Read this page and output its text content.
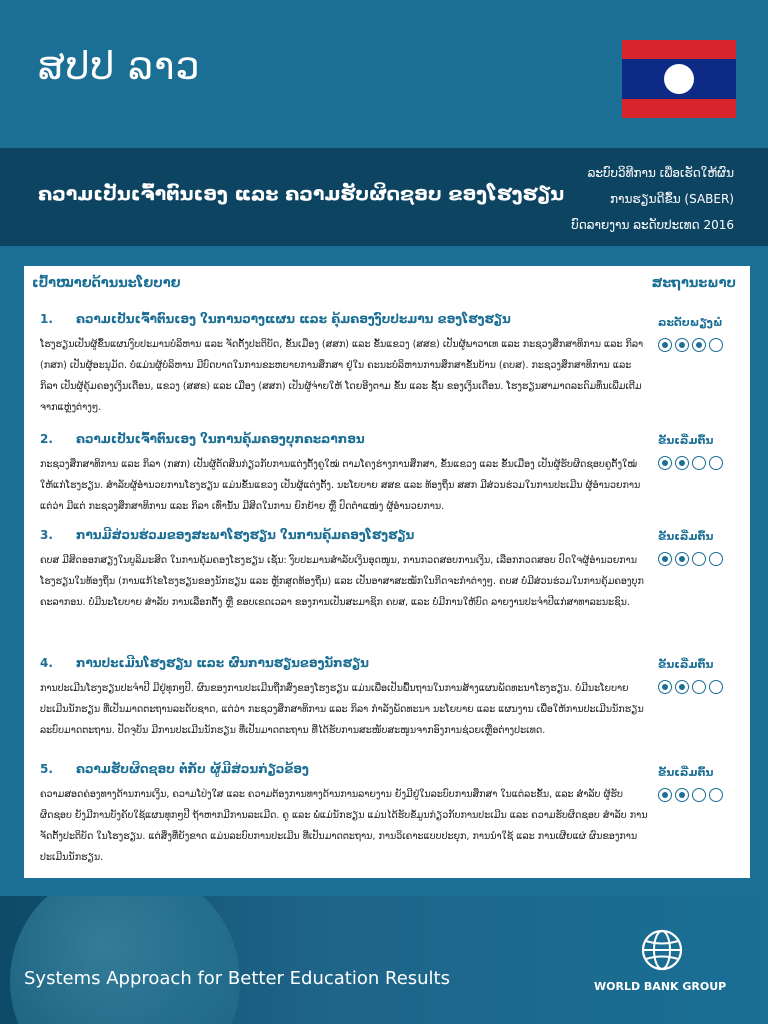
ສປປ ລາວ
ຄວາມເປັນເຈົ້າຕົນເອງ ແລະ ຄວາມຮັບຜິດຊອບ ຂອງໂຮງຮຽນ
ລະບົບວິທີການ ເພື່ອເຮັດໃຫ້ຜົນ
ການຮຽນດີຂຶ້ນ (SABER)
ບົດລາຍງານ ລະດັບປະເທດ 2016
ເປົ້າໝາຍດ້ານນະໂຍບາຍ	ສະຖານະພາບ
1. ຄວາມເປັນເຈົ້າຕົນເອງ ໃນການວາງແຜນ ແລະ ຄຸ້ມຄອງງົບປະມານ ຂອງໂຮງຮຽນ
ໂຮງຮຽນເປັນຜູ້ຂຶ້ນແຜນງົບປະມານບໍລິຫານ ແລະ ຈັດຕັ້ງປະຕິບັດ, ຂັ້ນເມືອງ (ສສກ) ແລະ ຂັ້ນແຂວງ (ສສຂ) ເປັນຜູ້ພາວາເທ ແລະ ກະຊວງສຶກສາທິການ ແລະ ກິລາ (ກສກ) ເປັນຜູ້ອະນຸມັດ. ບໍ່ແມ່ນຜູ້ບໍລິຫານ ມີບົດບາດໃນການຂະຫຍາຍການສຶກສາ ຢູ່ໃນ ຄະນະບໍລິຫານການສຶກສາຂັ້ນບ້ານ (ຄບສ). ກະຊວງສຶກສາທິການ ແລະ ກິລາ ເປັນຜູ້ຄຸ້ມຄອງເງິນເດືອນ, ແຂວງ (ສສຂ) ແລະ ເມືອງ (ສສກ) ເປັນຜູ້ຈ່າຍໃຫ້ ໂດຍອີງຕາມ ຂັ້ນ ແລະ ຊັ້ນ ຂອງເງິນເດືອນ. ໂຮງຮຽນສາມາດລະດົມທຶນເພີ່ມເຕີມ ຈາກແຫຼ່ງຕ່າງໆ.
ລະດັບພຽງພໍ
2. ຄວາມເປັນເຈົ້າຕົນເອງ ໃນການຄຸ້ມຄອງບຸກຄະລາກອນ
ກະຊວງສຶກສາທິການ ແລະ ກິລາ (ກສກ) ເປັນຜູ້ຕັດສິນກ່ຽວກັບການແຕ່ງຕັ້ງຄູໃໝ່ ຕາມໂຄງຮ່າງການສຶກສາ, ຂັ້ນແຂວງ ແລະ ຂັ້ນເມືອງ ເປັນຜູ້ຮັບຜິດຊອບຄູຕັ້ງໃໝ່ ໃຫ້ແກ່ໂຮງຮຽນ. ສຳລັບຜູ້ອຳນວຍການໂຮງຮຽນ ແມ່ນຂັ້ນແຂວງ ເປັນຜູ້ແຕ່ງຕັ້ງ. ນະໂຍບາຍ ສສຂ ແລະ ທ້ອງຖິ່ນ ສສກ ມີສ່ວນຮ່ວມໃນການປະເມີນ ຜູ້ອຳນວຍການ ແຕ່ວ່າ ມີແຕ່ ກະຊວງສຶກສາທິການ ແລະ ກິລາ ເທົ່ານັ້ນ ມີສິດໃນການ ຍົກຍ້າຍ ຫຼື ປົດຕຳແໜ່ງ ຜູ້ອຳນວຍການ.
ຂັ້ນເລີ່ມຕົ້ນ
3. ການມີສ່ວນຮ່ວມຂອງສະພາໂຮງຮຽນ ໃນການຄຸ້ມຄອງໂຮງຮຽນ
ຄບສ ມີສິດອອກສຽງໃນບູລິມະສິດ ໃນການຄຸ້ມຄອງໂຮງຮຽນ ເຊັ່ນ: ງົບປະມານສຳລັບເງິນອຸດໜູນ, ການກວດສອບການເງິນ, ເລືອກກວດສອບ ປົດໃຈຜູ້ອຳນວຍການໂຮງຮຽນໃນທ້ອງຖິ່ນ (ການແກ້ໄຂໂຮງຮຽນຂອງນັກຮຽນ ແລະ ຫຼັກສູດທ້ອງຖິ່ນ) ແລະ ເປັນອາສາສະໝັກໃນກິດຈະກຳຕ່າງໆ. ຄບສ ບໍ່ມີສ່ວນຮ່ວມໃນການຄຸ້ມຄອງບຸກຄະລາກອນ. ບໍ່ມີນະໂຍບາຍ ສຳລັບ ການເລືອກຕັ້ງ ຫຼື ຂອບເຂດເວລາ ຂອງການເປັນສະມາຊິກ ຄບສ, ແລະ ບໍ່ມີການໃຫ້ບົດ ລາຍງານປະຈຳປີແກ່ສາທາລະນະຊົນ.
ຂັ້ນເລີ່ມຕົ້ນ
4. ການປະເມີນໂຮງຮຽນ ແລະ ຜົນການຮຽນຂອງນັກຮຽນ
ການປະເມີນໂຮງຮຽນປະຈຳປີ ມີຢູ່ທຸກໆປີ. ຜົນຂອງການປະເມີນຖືກສົ່ງຂອງໂຮງຮຽນ ແມ່ນເພື່ອເປັນພື້ນຖານໃນການສ້າງແຜນພັດທະນາໂຮງຮຽນ. ບໍ່ມີນະໂຍບາຍປະເມີນນັກຮຽນ ທີ່ເປັນມາດຕະຖານລະດັບຊາດ, ແຕ່ວ່າ ກະຊວງສຶກສາທິການ ແລະ ກິລາ ກຳລັງພັດທະນາ ນະໂຍບາຍ ແລະ ແຜນງານ ເພື່ອໃຫ້ການປະເມີນນັກຮຽນ ລະບົບມາດຕະຖານ. ປັດຈຸບັນ ມີການປະເມີນນັກຮຽນ ທີ່ເປັນມາດຕະຖານ ທີ່ໄດ້ຮັບການສະໜັບສະໜູນຈາກອົງການຊ່ວຍເຫຼືອຕ່າງປະເທດ.
ຂັ້ນເລີ່ມຕົ້ນ
5. ຄວາມຮັບຜິດຊອບ ຕໍ່ກັບ ຜູ້ມີສ່ວນກ່ຽວຂ້ອງ
ຄວາມສອດຄ່ອງທາງດ້ານການເງິນ, ຄວາມໂປ່ງໃສ ແລະ ຄວາມຕ້ອງການທາງດ້ານການລາຍງານ ຍັງມີຢູ່ໃນລະບົບການສຶກສາ ໃນແຕ່ລະຂັ້ນ, ແລະ ສຳລັບ ຜູ້ຮັບຜິດຊອບ ຍັງມີການບັງຄັບໃຊ້ແຜນທຸກໆປີ ຖ້າຫາກມີການລະເມີດ. ຄູ ແລະ ພໍ່ແມ່ນັກຮຽນ ແມ່ນໄດ້ຮັບຂໍ້ມູນກ່ຽວກັບການປະເມີນ ແລະ ຄວາມຮັບຜິດຊອບ ສຳລັບ ການຈັດຕັ້ງປະຕິບັດ ໃນໂຮງຮຽນ. ແຕ່ສິ່ງທີ່ຍັງຂາດ ແມ່ນລະບົບການປະເມີນ ທີ່ເປັນມາດຕະຖານ, ການວິເຄາະແບບປະຍຸກ, ການນຳໃຊ້ ແລະ ການເຜີຍແຜ່ ຜົນຂອງການປະເມີນນັກຮຽນ.
ຂັ້ນເລີ່ມຕົ້ນ
Systems Approach for Better Education Results	WORLD BANK GROUP
